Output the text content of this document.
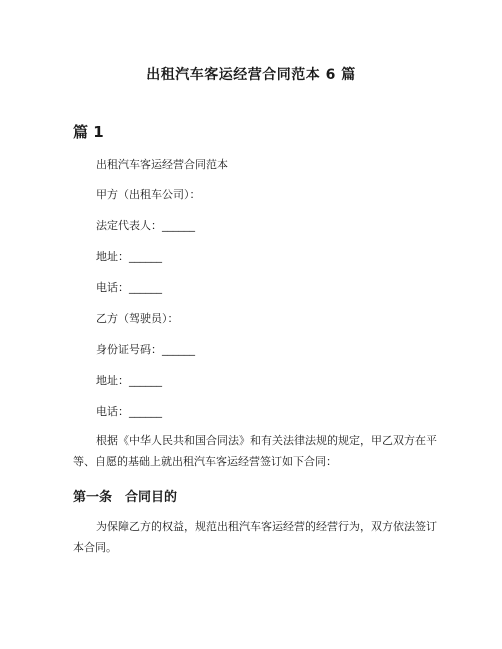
出租汽车客运经营合同范本 6 篇
篇 1
出租汽车客运经营合同范本
甲方（出租车公司）：
法定代表人：______
地址：______
电话：______
乙方（驾驶员）：
身份证号码：______
地址：______
电话：______
根据《中华人民共和国合同法》和有关法律法规的规定，甲乙双方在平等、自愿的基础上就出租汽车客运经营签订如下合同：
第一条　合同目的
为保障乙方的权益，规范出租汽车客运经营的经营行为，双方依法签订本合同。
